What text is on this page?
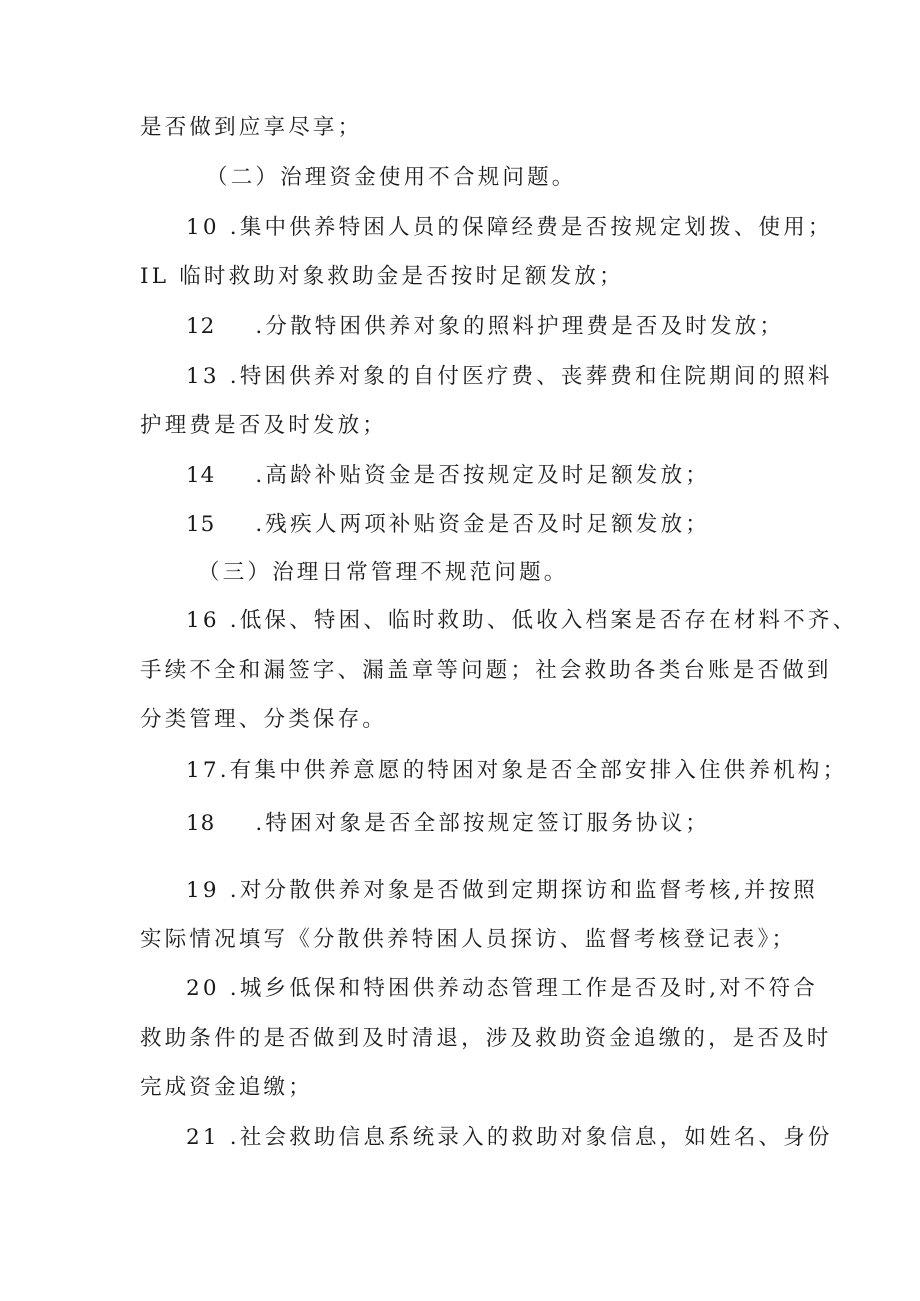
是否做到应享尽享；
（二）治理资金使用不合规问题。
10 .集中供养特困人员的保障经费是否按规定划拨、使用；
IL 临时救助对象救助金是否按时足额发放；
12 .分散特困供养对象的照料护理费是否及时发放；
13 .特困供养对象的自付医疗费、丧葬费和住院期间的照料
护理费是否及时发放；
14 .高龄补贴资金是否按规定及时足额发放；
15 .残疾人两项补贴资金是否及时足额发放；
（三）治理日常管理不规范问题。
16 .低保、特困、临时救助、低收入档案是否存在材料不齐、
手续不全和漏签字、漏盖章等问题；社会救助各类台账是否做到
分类管理、分类保存。
17.有集中供养意愿的特困对象是否全部安排入住供养机构；
18 .特困对象是否全部按规定签订服务协议；
19 .对分散供养对象是否做到定期探访和监督考核,并按照
实际情况填写《分散供养特困人员探访、监督考核登记表》；
20 .城乡低保和特困供养动态管理工作是否及时,对不符合
救助条件的是否做到及时清退，涉及救助资金追缴的，是否及时
完成资金追缴；
21 .社会救助信息系统录入的救助对象信息，如姓名、身份
